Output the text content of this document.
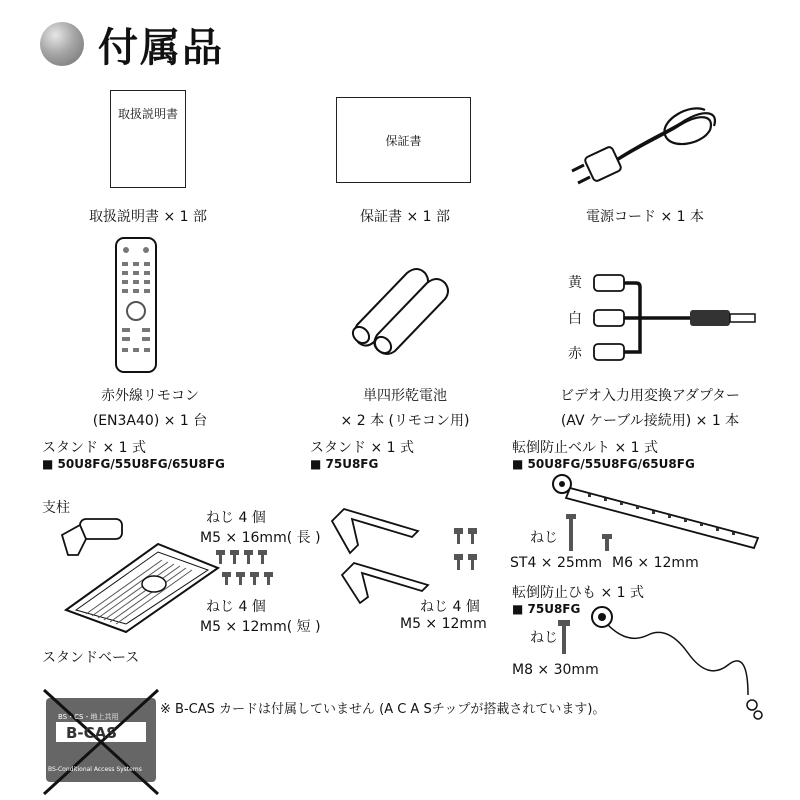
付属品
取扱説明書
取扱説明書 × 1 部
保証書
保証書 × 1 部	電源コード × 1 本
赤外線リモコン
(EN3A40) × 1 台
単四形乾電池
× 2 本 (リモコン用)
黄
白
赤
ビデオ入力用変換アダプター
(AV ケーブル接続用) × 1 本
スタンド × 1 式
■ 50U8FG/55U8FG/65U8FG
支柱
スタンドベース
ねじ 4 個
M5 × 16mm( 長 )
ねじ 4 個
M5 × 12mm( 短 )
スタンド × 1 式
■ 75U8FG
ねじ 4 個
M5 × 12mm
転倒防止ベルト × 1 式
■ 50U8FG/55U8FG/65U8FG
ねじ
ST4 × 25mm M6 × 12mm
転倒防止ひも × 1 式
■ 75U8FG
ねじ
M8 × 30mm
BS・CS・地上共用
B-CAS
BS-Conditional Access Systems
※ B-CAS カードは付属していません (A C A Sチップが搭載されています)。
